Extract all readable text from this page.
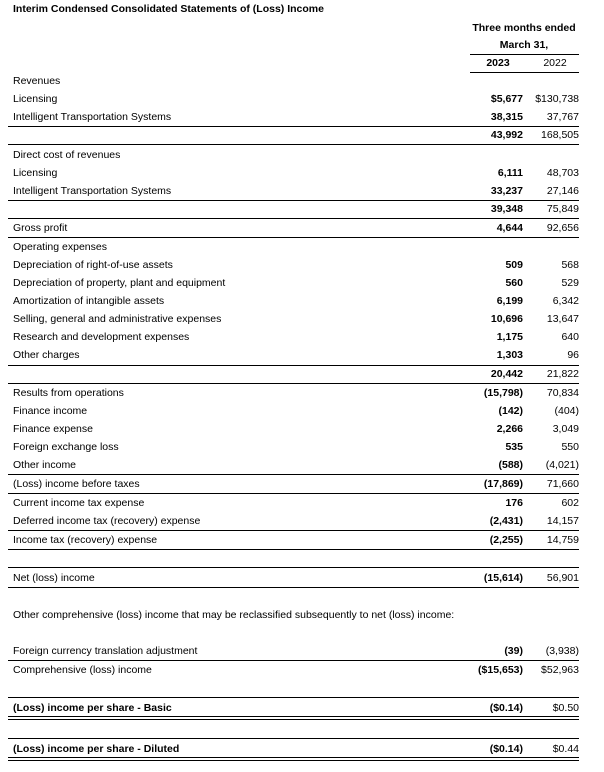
Interim Condensed Consolidated Statements of (Loss) Income
Three months ended
March 31,
2023	2022
Revenues
Licensing	$5,677 $130,738
Intelligent Transportation Systems	38,315 37,767
43,992 168,505
Direct cost of revenues
Licensing	6,111 48,703
Intelligent Transportation Systems	33,237 27,146
39,348 75,849
Gross profit	4,644 92,656
Operating expenses
Depreciation of right-of-use assets	509	568
Depreciation of property, plant and equipment	560	529
Amortization of intangible assets	6,199	6,342
Selling, general and administrative expenses	10,696 13,647
Research and development expenses	1,175	640
Other charges	1,303	96
20,442 21,822
Results from operations	(15,798) 70,834
Finance income	(142)	(404)
Finance expense	2,266	3,049
Foreign exchange loss	535	550
Other income	(588) (4,021)
(Loss) income before taxes	(17,869) 71,660
Current income tax expense	176	602
Deferred income tax (recovery) expense	(2,431) 14,157
Income tax (recovery) expense	(2,255) 14,759
Net (loss) income	(15,614) 56,901
Other comprehensive (loss) income that may be reclassified subsequently to net (loss) income:
Foreign currency translation adjustment	(39) (3,938)
Comprehensive (loss) income	($15,653) $52,963
(Loss) income per share - Basic	($0.14)	$0.50
(Loss) income per share - Diluted	($0.14)	$0.44
